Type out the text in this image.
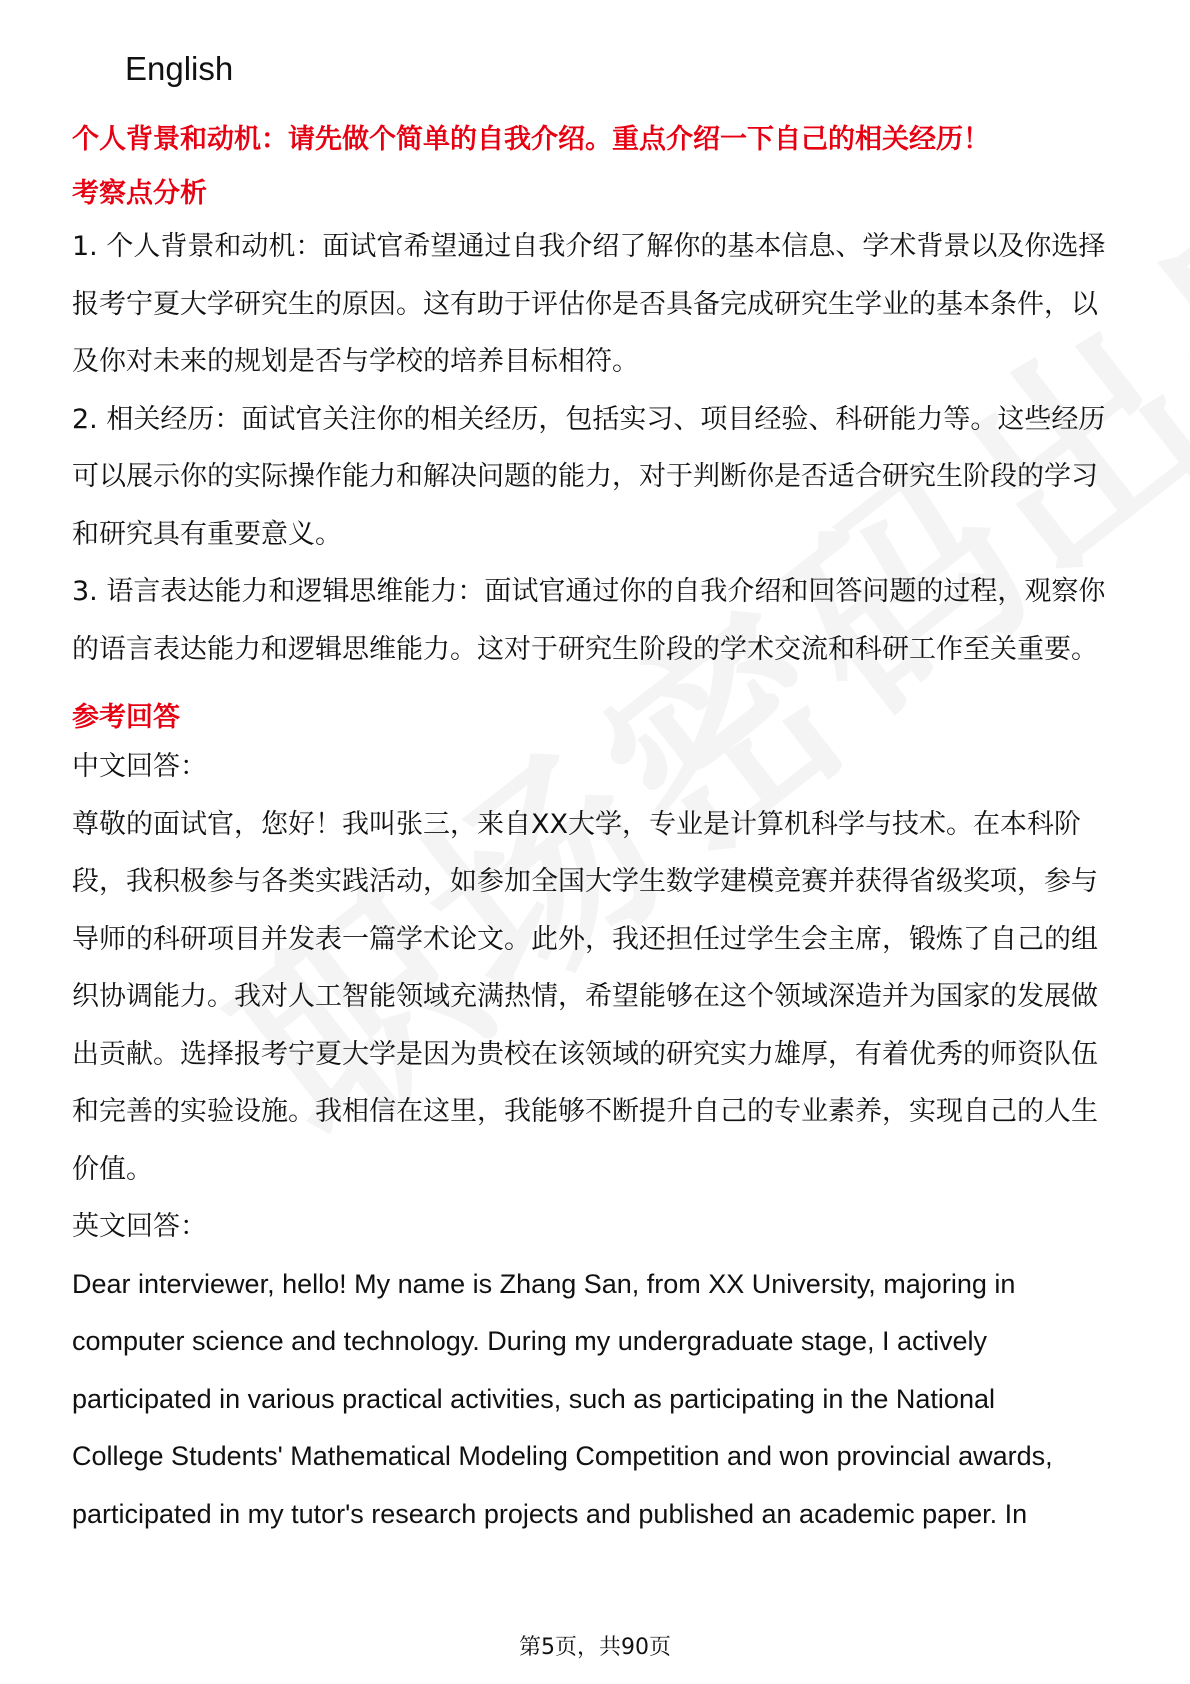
English

个人背景和动机：请先做个简单的自我介绍。重点介绍一下自己的相关经历！

考察点分析

1. 个人背景和动机：面试官希望通过自我介绍了解你的基本信息、学术背景以及你选择报考宁夏大学研究生的原因。这有助于评估你是否具备完成研究生学业的基本条件，以及你对未来的规划是否与学校的培养目标相符。

2. 相关经历：面试官关注你的相关经历，包括实习、项目经验、科研能力等。这些经历可以展示你的实际操作能力和解决问题的能力，对于判断你是否适合研究生阶段的学习和研究具有重要意义。

3. 语言表达能力和逻辑思维能力：面试官通过你的自我介绍和回答问题的过程，观察你的语言表达能力和逻辑思维能力。这对于研究生阶段的学术交流和科研工作至关重要。

参考回答

中文回答：

尊敬的面试官，您好！我叫张三，来自XX大学，专业是计算机科学与技术。在本科阶段，我积极参与各类实践活动，如参加全国大学生数学建模竞赛并获得省级奖项，参与导师的科研项目并发表一篇学术论文。此外，我还担任过学生会主席，锻炼了自己的组织协调能力。我对人工智能领域充满热情，希望能够在这个领域深造并为国家的发展做出贡献。选择报考宁夏大学是因为贵校在该领域的研究实力雄厚，有着优秀的师资队伍和完善的实验设施。我相信在这里，我能够不断提升自己的专业素养，实现自己的人生价值。

英文回答：

Dear interviewer, hello! My name is Zhang San, from XX University, majoring in

computer science and technology. During my undergraduate stage, I actively

participated in various practical activities, such as participating in the National

College Students' Mathematical Modeling Competition and won provincial awards,

participated in my tutor's research projects and published an academic paper. In

第5页，共90页
